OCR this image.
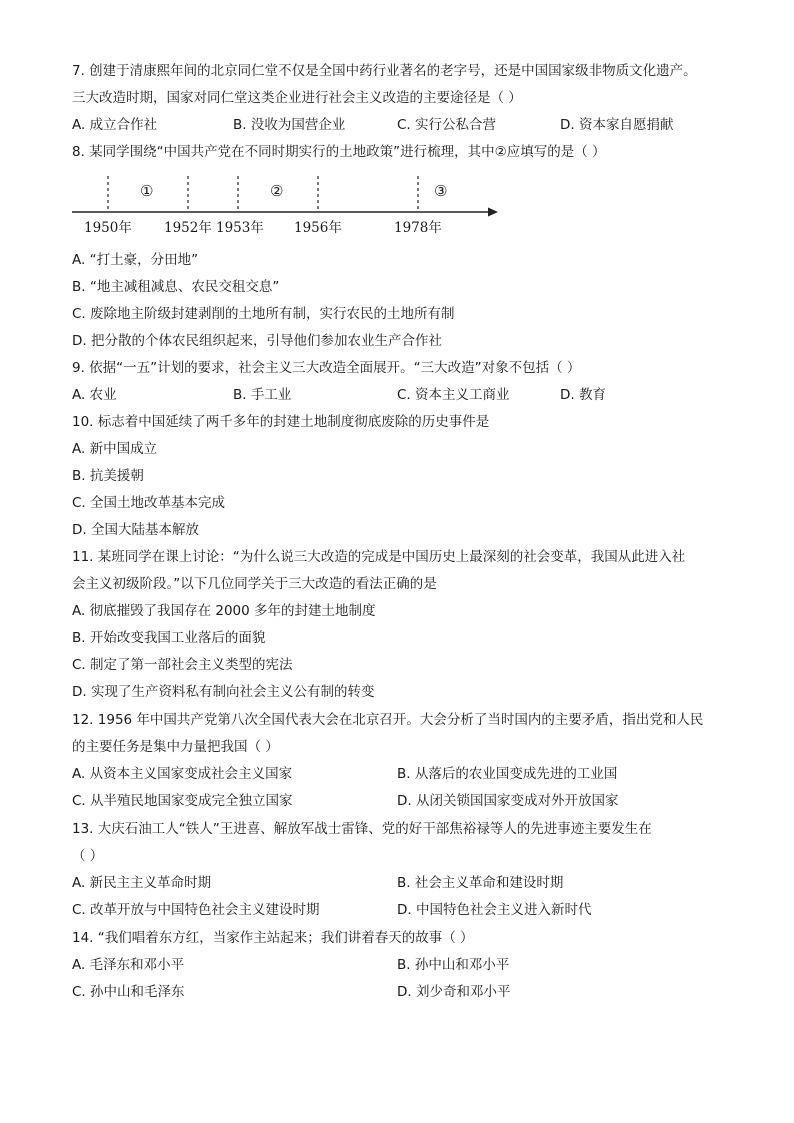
7. 创建于清康熙年间的北京同仁堂不仅是全国中药行业著名的老字号，还是中国国家级非物质文化遗产。
三大改造时期，国家对同仁堂这类企业进行社会主义改造的主要途径是（ ）
A. 成立合作社	B. 没收为国营企业	C. 实行公私合营	D. 资本家自愿捐献
8. 某同学围绕“中国共产党在不同时期实行的土地政策”进行梳理，其中②应填写的是（ ）
①	②	③
1950年 1952年 1953年 1956年	1978年
A. “打土豪，分田地”
B. “地主减租减息、农民交租交息”
C. 废除地主阶级封建剥削的土地所有制，实行农民的土地所有制
D. 把分散的个体农民组织起来，引导他们参加农业生产合作社
9. 依据“一五”计划的要求，社会主义三大改造全面展开。“三大改造”对象不包括（ ）
A. 农业	B. 手工业	C. 资本主义工商业	D. 教育
10. 标志着中国延续了两千多年的封建土地制度彻底废除的历史事件是
A. 新中国成立
B. 抗美援朝
C. 全国土地改革基本完成
D. 全国大陆基本解放
11. 某班同学在课上讨论：“为什么说三大改造的完成是中国历史上最深刻的社会变革，我国从此进入社
会主义初级阶段。”以下几位同学关于三大改造的看法正确的是
A. 彻底摧毁了我国存在 2000 多年的封建土地制度
B. 开始改变我国工业落后的面貌
C. 制定了第一部社会主义类型的宪法
D. 实现了生产资料私有制向社会主义公有制的转变
12. 1956 年中国共产党第八次全国代表大会在北京召开。大会分析了当时国内的主要矛盾，指出党和人民
的主要任务是集中力量把我国（ ）
A. 从资本主义国家变成社会主义国家	B. 从落后的农业国变成先进的工业国
C. 从半殖民地国家变成完全独立国家	D. 从闭关锁国国家变成对外开放国家
13. 大庆石油工人“铁人”王进喜、解放军战士雷锋、党的好干部焦裕禄等人的先进事迹主要发生在
（ ）
A. 新民主主义革命时期	B. 社会主义革命和建设时期
C. 改革开放与中国特色社会主义建设时期	D. 中国特色社会主义进入新时代
14. “我们唱着东方红，当家作主站起来；我们讲着春天的故事（ ）
A. 毛泽东和邓小平	B. 孙中山和邓小平
C. 孙中山和毛泽东	D. 刘少奇和邓小平
